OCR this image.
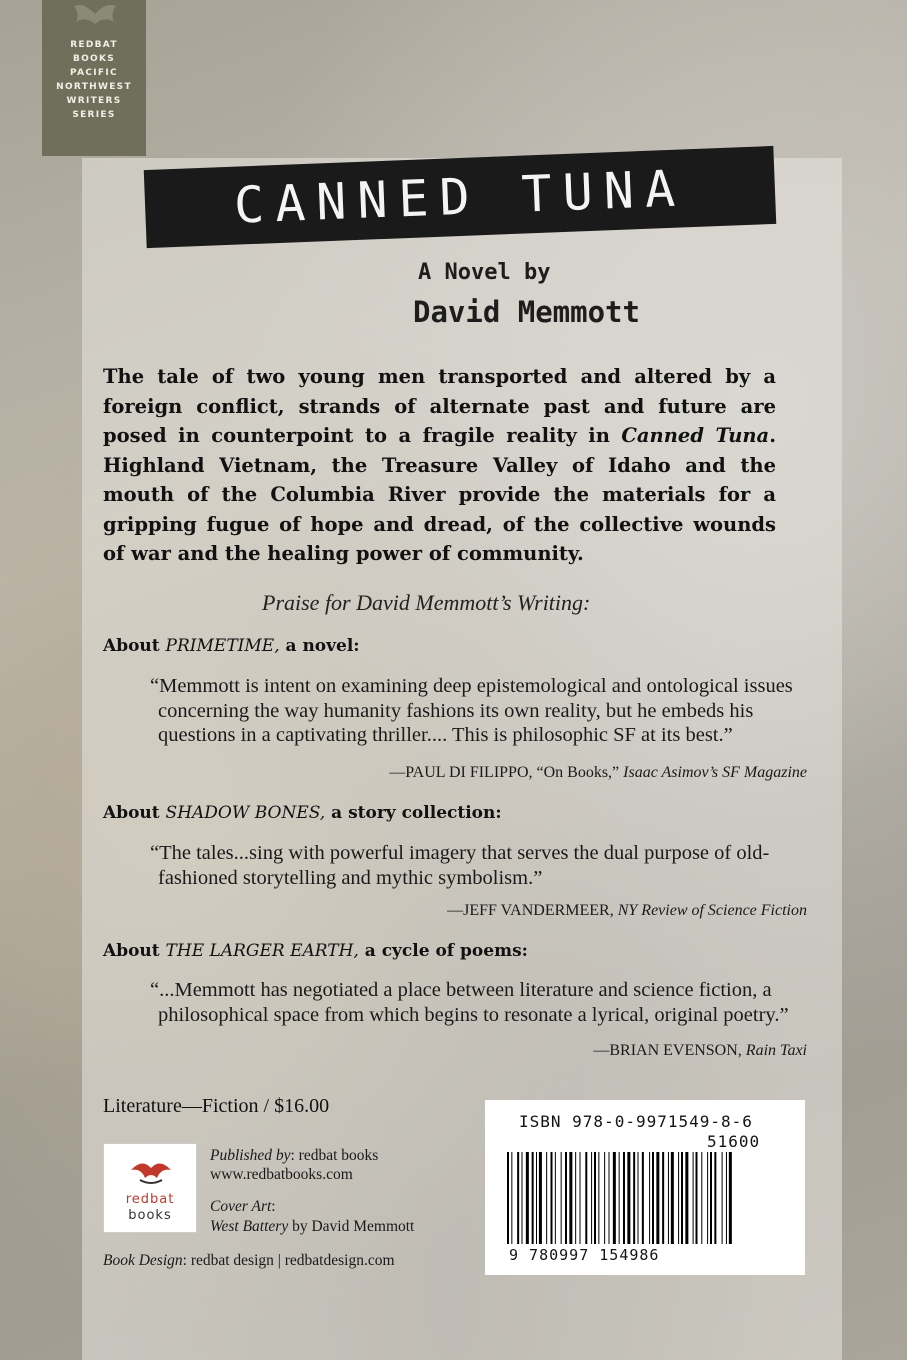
REDBAT
BOOKS
PACIFIC
NORTHWEST
WRITERS
SERIES
CANNED TUNA
A Novel by
David Memmott

The tale of two young men transported and altered by a foreign conflict, strands of alternate past and future are posed in counterpoint to a fragile reality in Canned Tuna. Highland Vietnam, the Treasure Valley of Idaho and the mouth of the Columbia River provide the materials for a gripping fugue of hope and dread, of the collective wounds of war and the healing power of community.

Praise for David Memmott’s Writing:
About PRIMETIME, a novel:

“Memmott is intent on examining deep epistemological and ontological issues concerning the way humanity fashions its own reality, but he embeds his questions in a captivating thriller.... This is philosophic SF at its best.”

—PAUL DI FILIPPO, “On Books,” Isaac Asimov’s SF Magazine
About SHADOW BONES, a story collection:

“The tales...sing with powerful imagery that serves the dual purpose of old-fashioned storytelling and mythic symbolism.”

—JEFF VANDERMEER, NY Review of Science Fiction
About THE LARGER EARTH, a cycle of poems:

“...Memmott has negotiated a place between literature and science fiction, a philosophical space from which begins to resonate a lyrical, original poetry.”

—BRIAN EVENSON, Rain Taxi
Literature—Fiction / $16.00
ISBN 978-0-9971549-8-6
51600
9 780997 154986
redbat
books
Published by: redbat books
www.redbatbooks.com
Cover Art:
West Battery by David Memmott
Book Design: redbat design | redbatdesign.com
